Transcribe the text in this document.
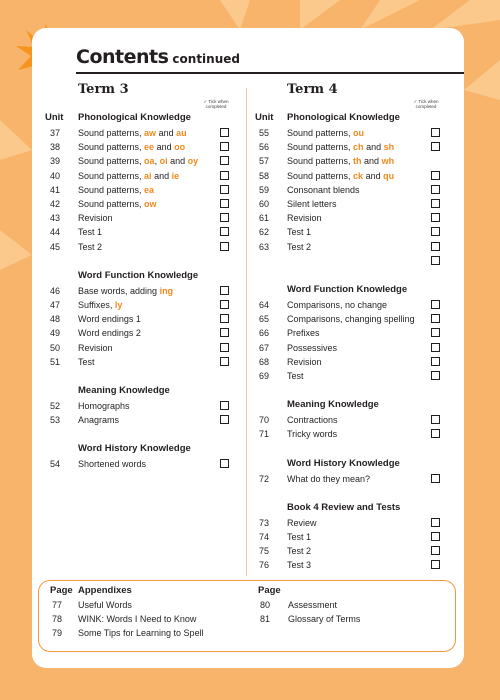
Contents continued
Term 3	Term 4
✓ Tick when completed
✓ Tick when completed
Unit	Unit
Page Appendixes	Page
Phonological Knowledge
37 Sound patterns, aw and au
38 Sound patterns, ee and oo
39 Sound patterns, oa, oi and oy
40 Sound patterns, ai and ie
41 Sound patterns, ea
42 Sound patterns, ow
43 Revision
44 Test 1
45 Test 2
Word Function Knowledge
46 Base words, adding ing
47 Suffixes, ly
48 Word endings 1
49 Word endings 2
50 Revision
51 Test
Meaning Knowledge
52 Homographs
53 Anagrams
Word History Knowledge
54 Shortened words
Phonological Knowledge
55 Sound patterns, ou
56 Sound patterns, ch and sh
57 Sound patterns, th and wh
58 Sound patterns, ck and qu
59 Consonant blends
60 Silent letters
61 Revision
62 Test 1
63 Test 2
Word Function Knowledge
64 Comparisons, no change
65 Comparisons, changing spelling
66 Prefixes
67 Possessives
68 Revision
69 Test
Meaning Knowledge
70 Contractions
71 Tricky words
Word History Knowledge
72 What do they mean?
Book 4 Review and Tests
73 Review
74 Test 1
75 Test 2
76 Test 3
77 Useful Words
78 WINK: Words I Need to Know
79 Some Tips for Learning to Spell
80 Assessment
81 Glossary of Terms
